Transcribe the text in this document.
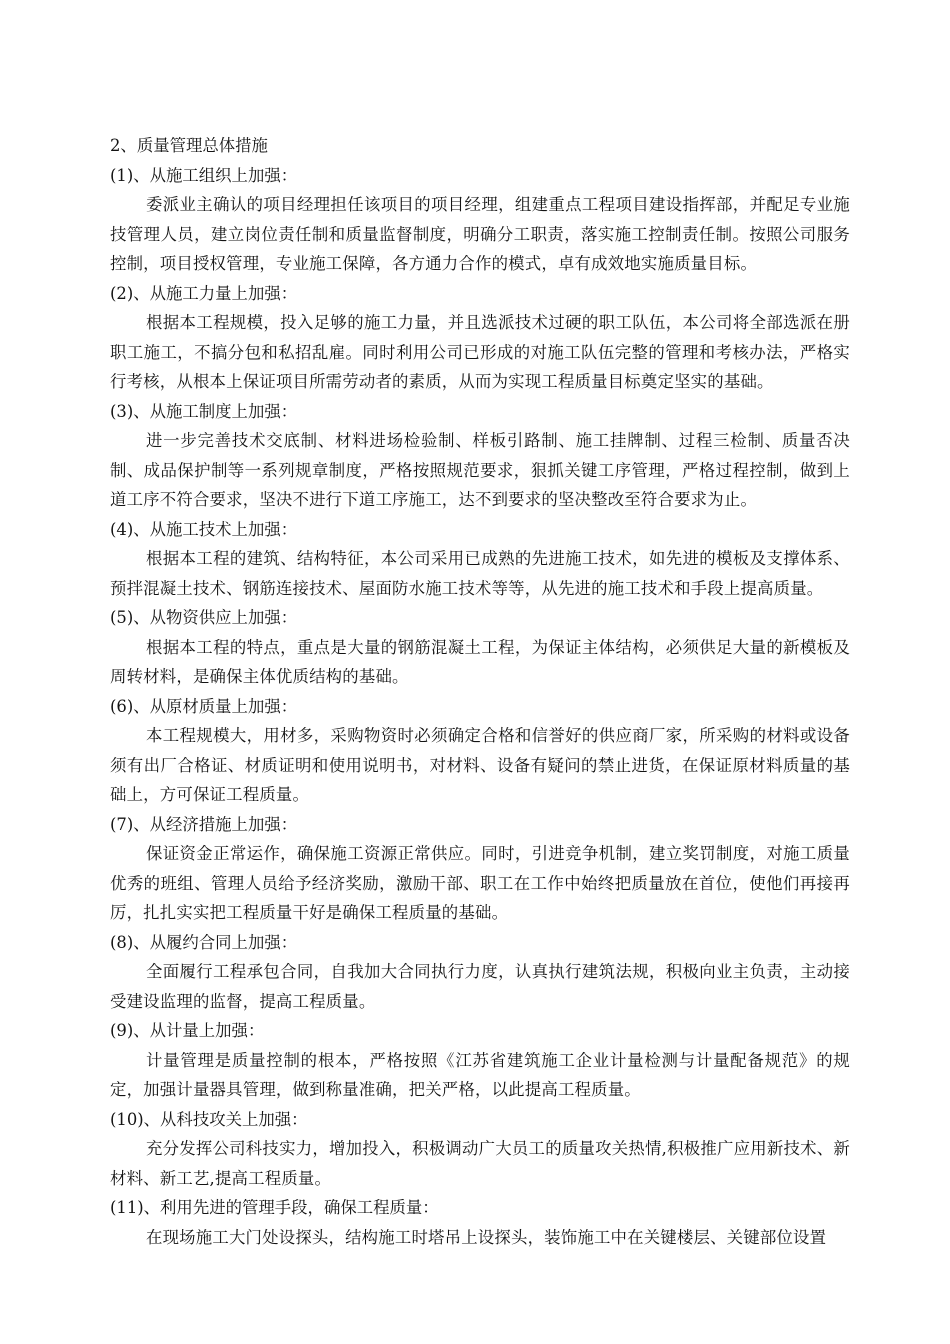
2、质量管理总体措施

(1)、从施工组织上加强：

委派业主确认的项目经理担任该项目的项目经理，组建重点工程项目建设指挥部，并配足专业施技管理人员，建立岗位责任制和质量监督制度，明确分工职责，落实施工控制责任制。按照公司服务控制，项目授权管理，专业施工保障，各方通力合作的模式，卓有成效地实施质量目标。

(2)、从施工力量上加强：

根据本工程规模，投入足够的施工力量，并且选派技术过硬的职工队伍，本公司将全部选派在册职工施工，不搞分包和私招乱雇。同时利用公司已形成的对施工队伍完整的管理和考核办法，严格实行考核，从根本上保证项目所需劳动者的素质，从而为实现工程质量目标奠定坚实的基础。

(3)、从施工制度上加强：

进一步完善技术交底制、材料进场检验制、样板引路制、施工挂牌制、过程三检制、质量否决制、成品保护制等一系列规章制度，严格按照规范要求，狠抓关键工序管理，严格过程控制，做到上道工序不符合要求，坚决不进行下道工序施工，达不到要求的坚决整改至符合要求为止。

(4)、从施工技术上加强：

根据本工程的建筑、结构特征，本公司采用已成熟的先进施工技术，如先进的模板及支撑体系、预拌混凝土技术、钢筋连接技术、屋面防水施工技术等等，从先进的施工技术和手段上提高质量。

(5)、从物资供应上加强：

根据本工程的特点，重点是大量的钢筋混凝土工程，为保证主体结构，必须供足大量的新模板及周转材料，是确保主体优质结构的基础。

(6)、从原材质量上加强：

本工程规模大，用材多，采购物资时必须确定合格和信誉好的供应商厂家，所采购的材料或设备须有出厂合格证、材质证明和使用说明书，对材料、设备有疑问的禁止进货，在保证原材料质量的基础上，方可保证工程质量。

(7)、从经济措施上加强：

保证资金正常运作，确保施工资源正常供应。同时，引进竞争机制，建立奖罚制度，对施工质量优秀的班组、管理人员给予经济奖励，激励干部、职工在工作中始终把质量放在首位，使他们再接再厉，扎扎实实把工程质量干好是确保工程质量的基础。

(8)、从履约合同上加强：

全面履行工程承包合同，自我加大合同执行力度，认真执行建筑法规，积极向业主负责，主动接受建设监理的监督，提高工程质量。

(9)、从计量上加强：

计量管理是质量控制的根本，严格按照《江苏省建筑施工企业计量检测与计量配备规范》的规定，加强计量器具管理，做到称量准确，把关严格，以此提高工程质量。

(10)、从科技攻关上加强：

充分发挥公司科技实力，增加投入，积极调动广大员工的质量攻关热情,积极推广应用新技术、新材料、新工艺,提高工程质量。

(11)、利用先进的管理手段，确保工程质量：

在现场施工大门处设探头，结构施工时塔吊上设探头，装饰施工中在关键楼层、关键部位设置
